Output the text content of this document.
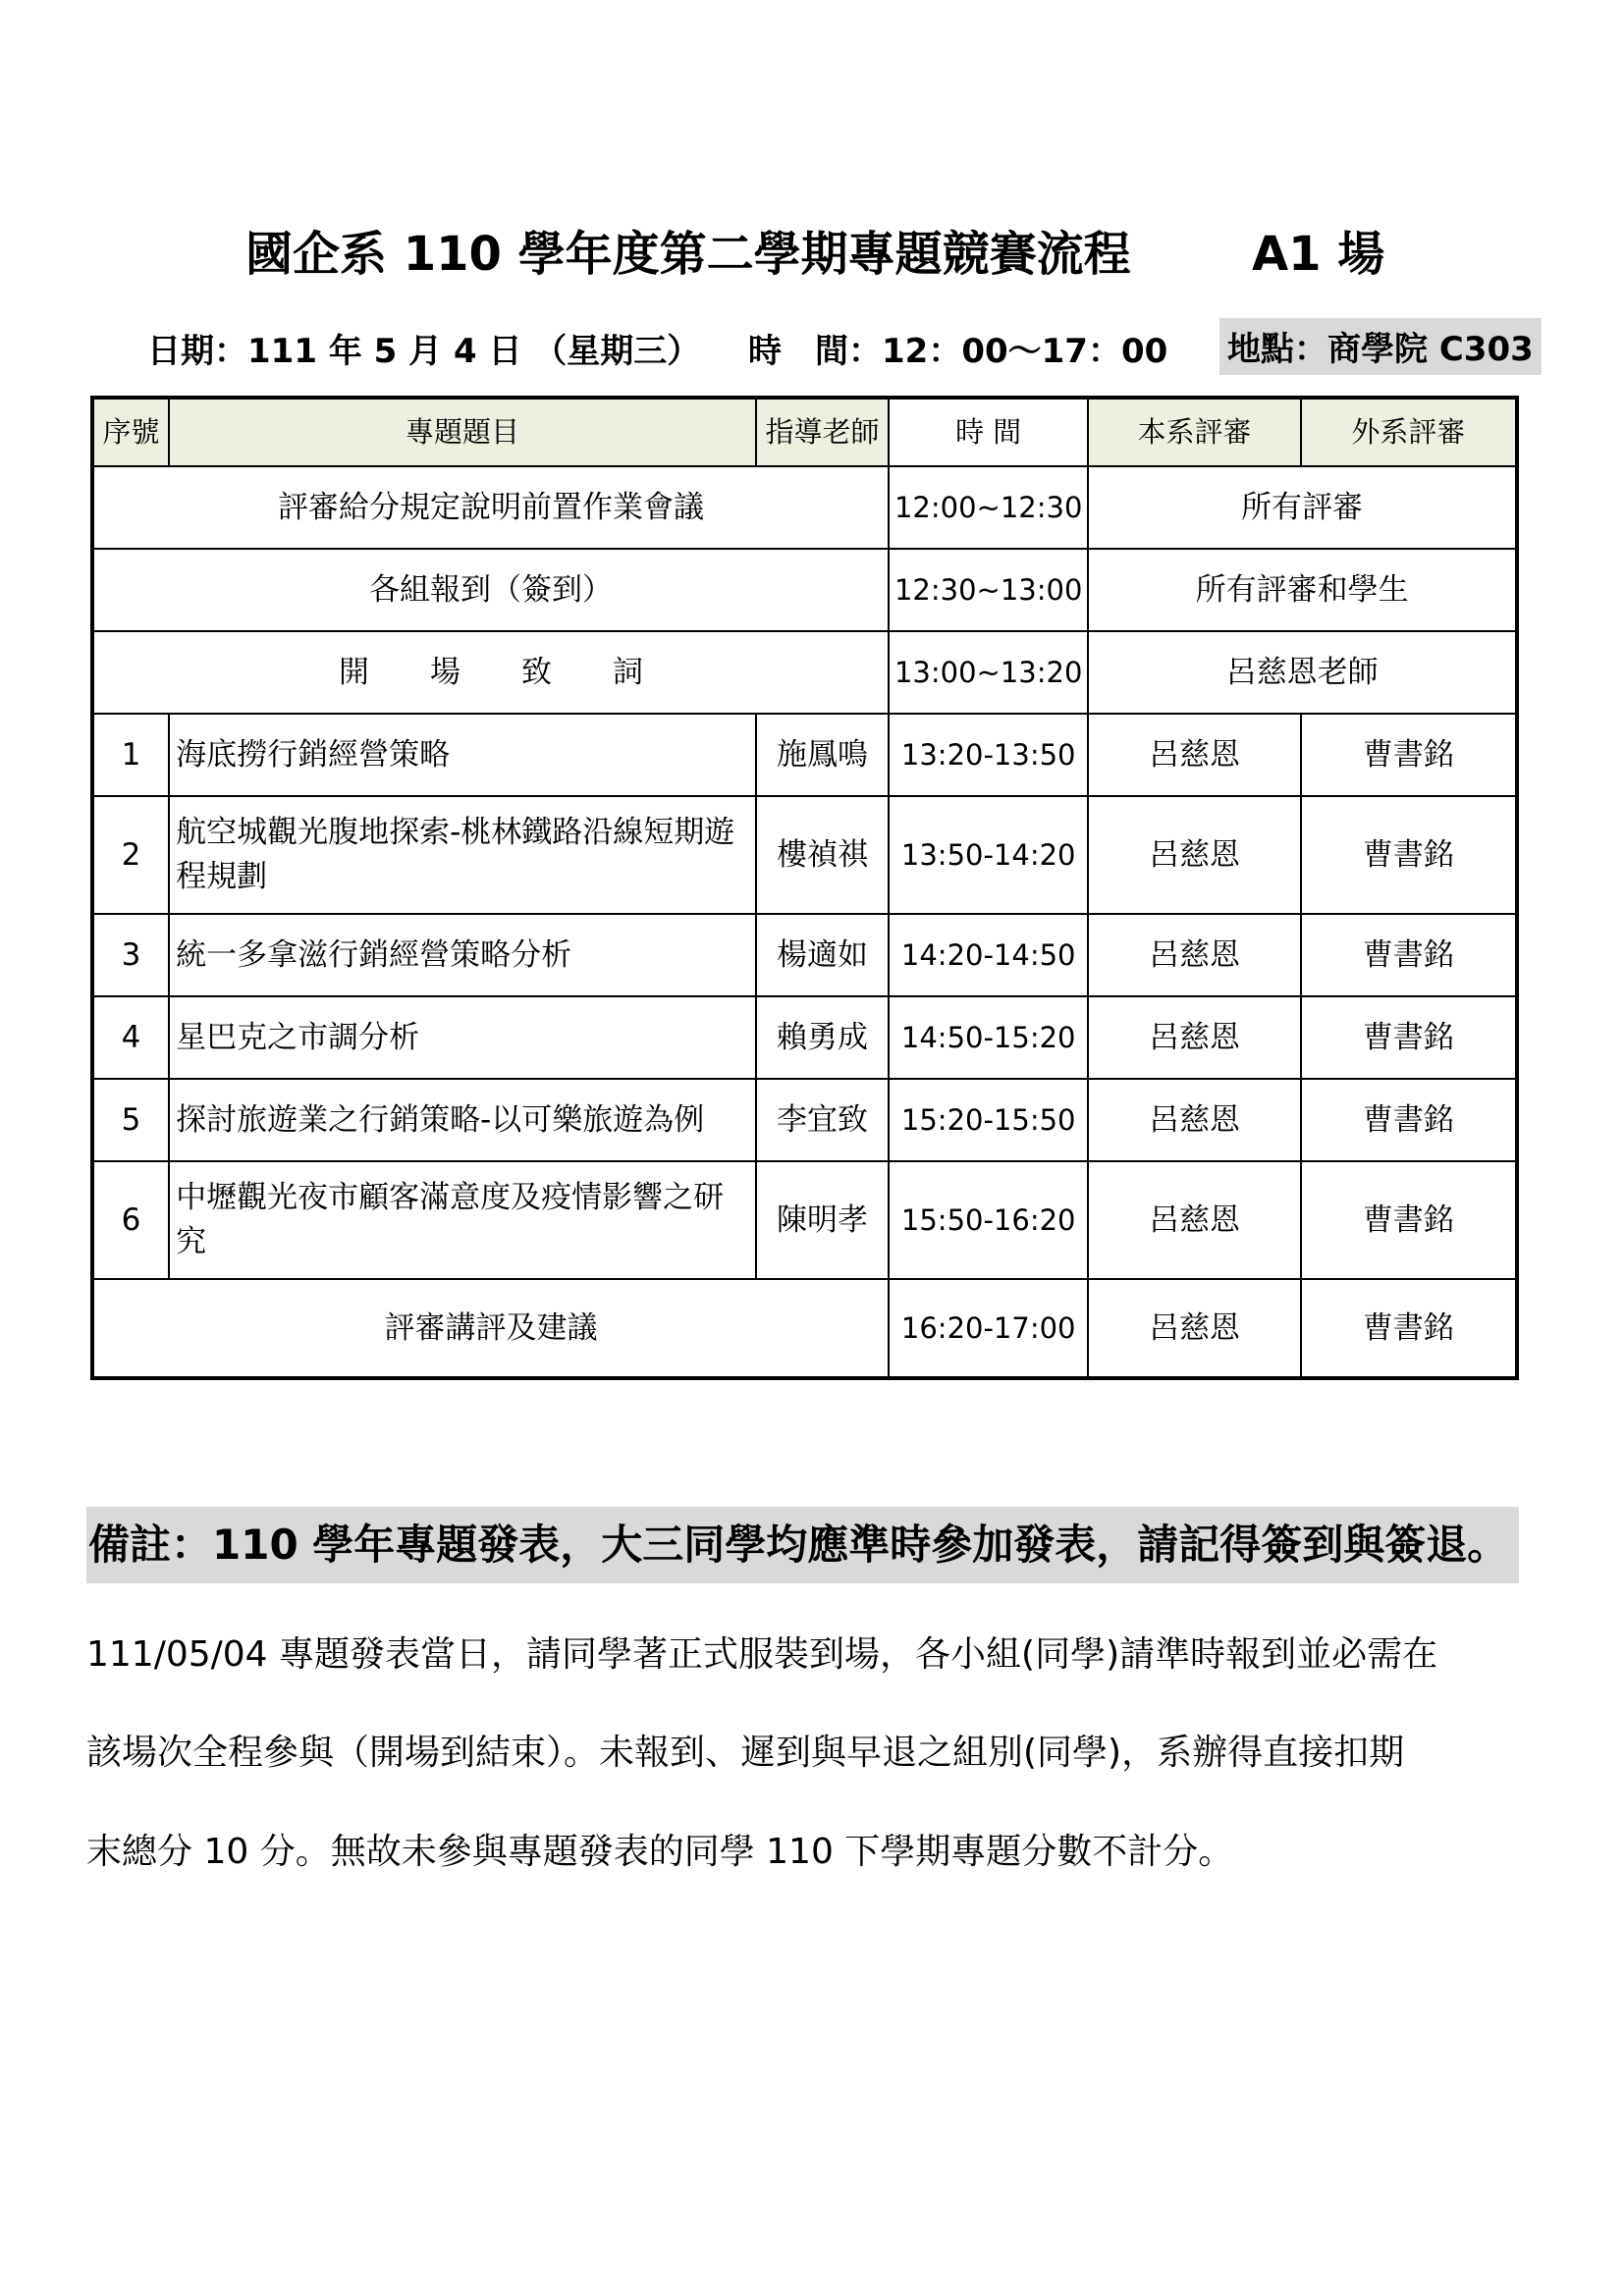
國企系 110 學年度第二學期專題競賽流程	A1 場
日期：111 年 5 月 4 日 （星期三） 時　間：12：00～17：00 地點：商學院 C303
序號	專題題目	指導老師	時 間	本系評審	外系評審
評審給分規定說明前置作業會議			12:00~12:30	所有評審	
各組報到（簽到）			12:30~13:00	所有評審和學生	
開　　場　　致　　詞			13:00~13:20	呂慈恩老師	
1	海底撈行銷經營策略	施鳳鳴	13:20-13:50	呂慈恩	曹書銘
2	航空城觀光腹地探索-桃林鐵路沿線短期遊程規劃	樓禎祺	13:50-14:20	呂慈恩	曹書銘
3	統一多拿滋行銷經營策略分析	楊適如	14:20-14:50	呂慈恩	曹書銘
4	星巴克之市調分析	賴勇成	14:50-15:20	呂慈恩	曹書銘
5	探討旅遊業之行銷策略-以可樂旅遊為例	李宜致	15:20-15:50	呂慈恩	曹書銘
6	中壢觀光夜市顧客滿意度及疫情影響之研究	陳明孝	15:50-16:20	呂慈恩	曹書銘
評審講評及建議			16:20-17:00	呂慈恩	曹書銘
備註：110 學年專題發表，大三同學均應準時參加發表，請記得簽到與簽退。
111/05/04 專題發表當日，請同學著正式服裝到場，各小組(同學)請準時報到並必需在
該場次全程參與（開場到結束）。未報到、遲到與早退之組別(同學)，系辦得直接扣期
末總分 10 分。無故未參與專題發表的同學 110 下學期專題分數不計分。
